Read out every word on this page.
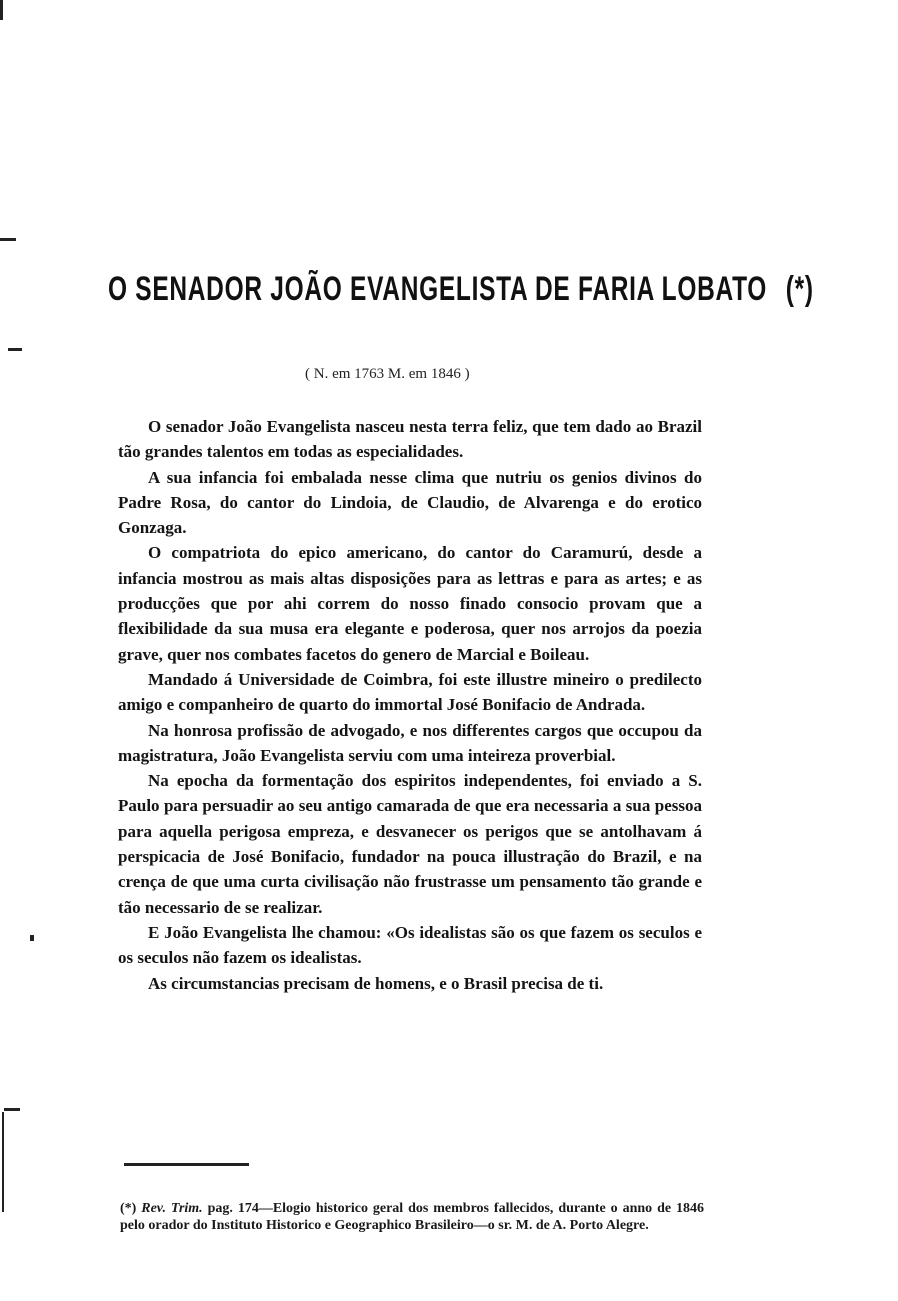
O SENADOR JOÃO EVANGELISTA DE FARIA LOBATO (*)
( N. em 1763 M. em 1846 )

O senador João Evangelista nasceu nesta terra feliz, que tem dado ao Brazil tão grandes talentos em todas as especialidades.

A sua infancia foi embalada nesse clima que nutriu os genios divinos do Padre Rosa, do cantor do Lindoia, de Claudio, de Alvarenga e do erotico Gonzaga.

O compatriota do epico americano, do cantor do Caramurú, desde a infancia mostrou as mais altas disposições para as lettras e para as artes; e as producções que por ahi correm do nosso finado consocio provam que a flexibilidade da sua musa era elegante e poderosa, quer nos arrojos da poezia grave, quer nos combates facetos do genero de Marcial e Boileau.

Mandado á Universidade de Coimbra, foi este illustre mineiro o predilecto amigo e companheiro de quarto do immortal José Bonifacio de Andrada.

Na honrosa profissão de advogado, e nos differentes cargos que occupou da magistratura, João Evangelista serviu com uma inteireza proverbial.

Na epocha da formentação dos espiritos independentes, foi enviado a S. Paulo para persuadir ao seu antigo camarada de que era necessaria a sua pessoa para aquella perigosa empreza, e desvanecer os perigos que se antolhavam á perspicacia de José Bonifacio, fundador na pouca illustração do Brazil, e na crença de que uma curta civilisação não frustrasse um pensamento tão grande e tão necessario de se realizar.

E João Evangelista lhe chamou: «Os idealistas são os que fazem os seculos e os seculos não fazem os idealistas.

As circumstancias precisam de homens, e o Brasil precisa de ti.

(*) Rev. Trim. pag. 174—Elogio historico geral dos membros fallecidos, durante o anno de 1846 pelo orador do Instituto Historico e Geographico Brasileiro—o sr. M. de A. Porto Alegre.
